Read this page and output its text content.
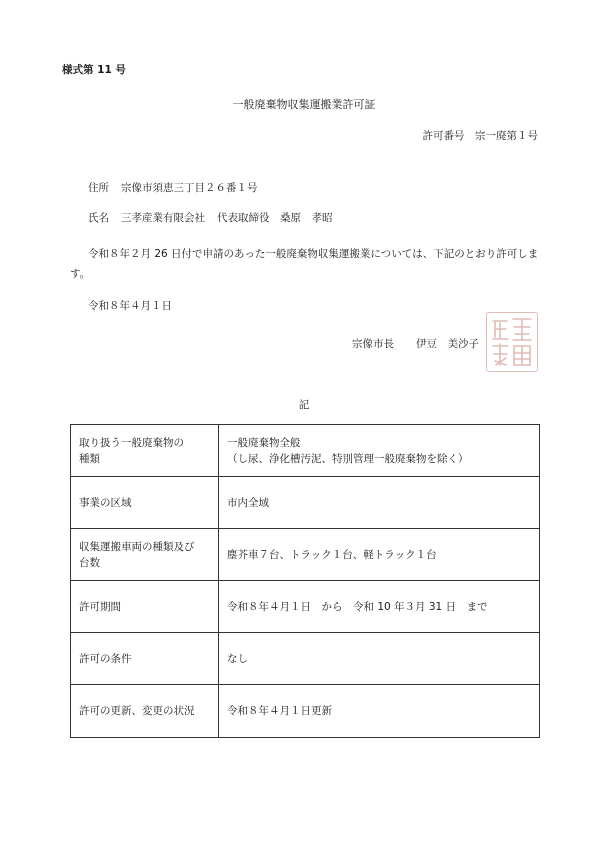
様式第 11 号
一般廃棄物収集運搬業許可証
許可番号　宗一廃第１号
住所 宗像市須恵三丁目２６番１号
氏名 三孝産業有限会社 代表取締役　桑原　孝昭
令和８年２月 26 日付で申請のあった一般廃棄物収集運搬業については、下記のとおり許可します。
令和８年４月１日
宗像市長 伊豆　美沙子
記
取り扱う一般廃棄物の
種類	一般廃棄物全般
（し尿、浄化槽汚泥、特別管理一般廃棄物を除く）

事業の区域	市内全域

収集運搬車両の種類及び
台数	塵芥車７台、トラック１台、軽トラック１台

許可期間	令和８年４月１日　から　令和 10 年３月 31 日　まで

許可の条件	なし

許可の更新、変更の状況	令和８年４月１日更新
